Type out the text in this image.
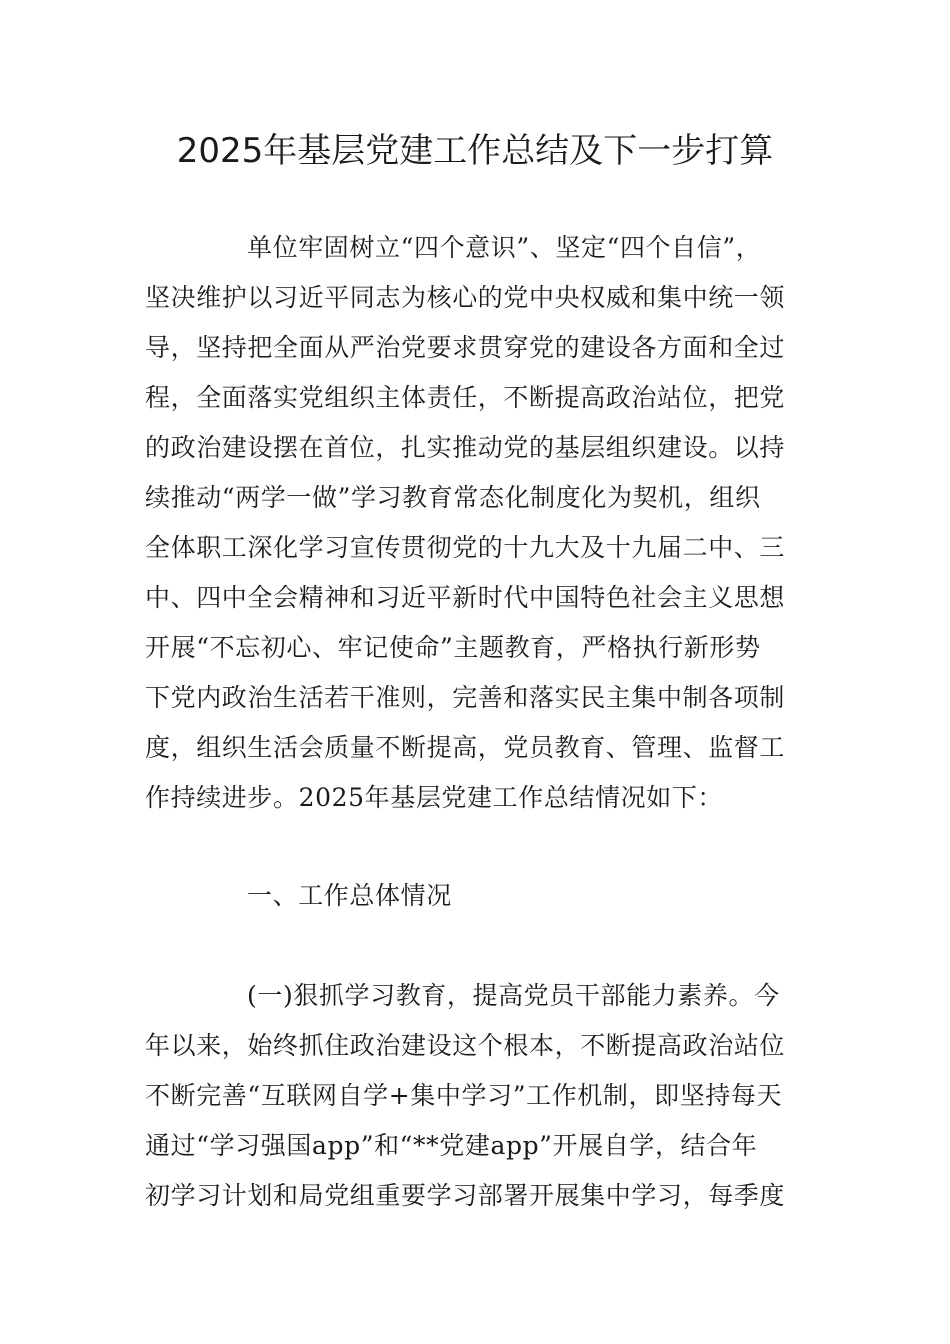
2025年基层党建工作总结及下一步打算
单位牢固树立“四个意识”、坚定“四个自信”，
坚决维护以习近平同志为核心的党中央权威和集中统一领
导，坚持把全面从严治党要求贯穿党的建设各方面和全过
程，全面落实党组织主体责任，不断提高政治站位，把党
的政治建设摆在首位，扎实推动党的基层组织建设。以持
续推动“两学一做”学习教育常态化制度化为契机，组织
全体职工深化学习宣传贯彻党的十九大及十九届二中、三
中、四中全会精神和习近平新时代中国特色社会主义思想
开展“不忘初心、牢记使命”主题教育，严格执行新形势
下党内政治生活若干准则，完善和落实民主集中制各项制
度，组织生活会质量不断提高，党员教育、管理、监督工
作持续进步。2025年基层党建工作总结情况如下：
一、工作总体情况
(一)狠抓学习教育，提高党员干部能力素养。今
年以来，始终抓住政治建设这个根本，不断提高政治站位
不断完善“互联网自学+集中学习”工作机制，即坚持每天
通过“学习强国app”和“**党建app”开展自学，结合年
初学习计划和局党组重要学习部署开展集中学习，每季度
